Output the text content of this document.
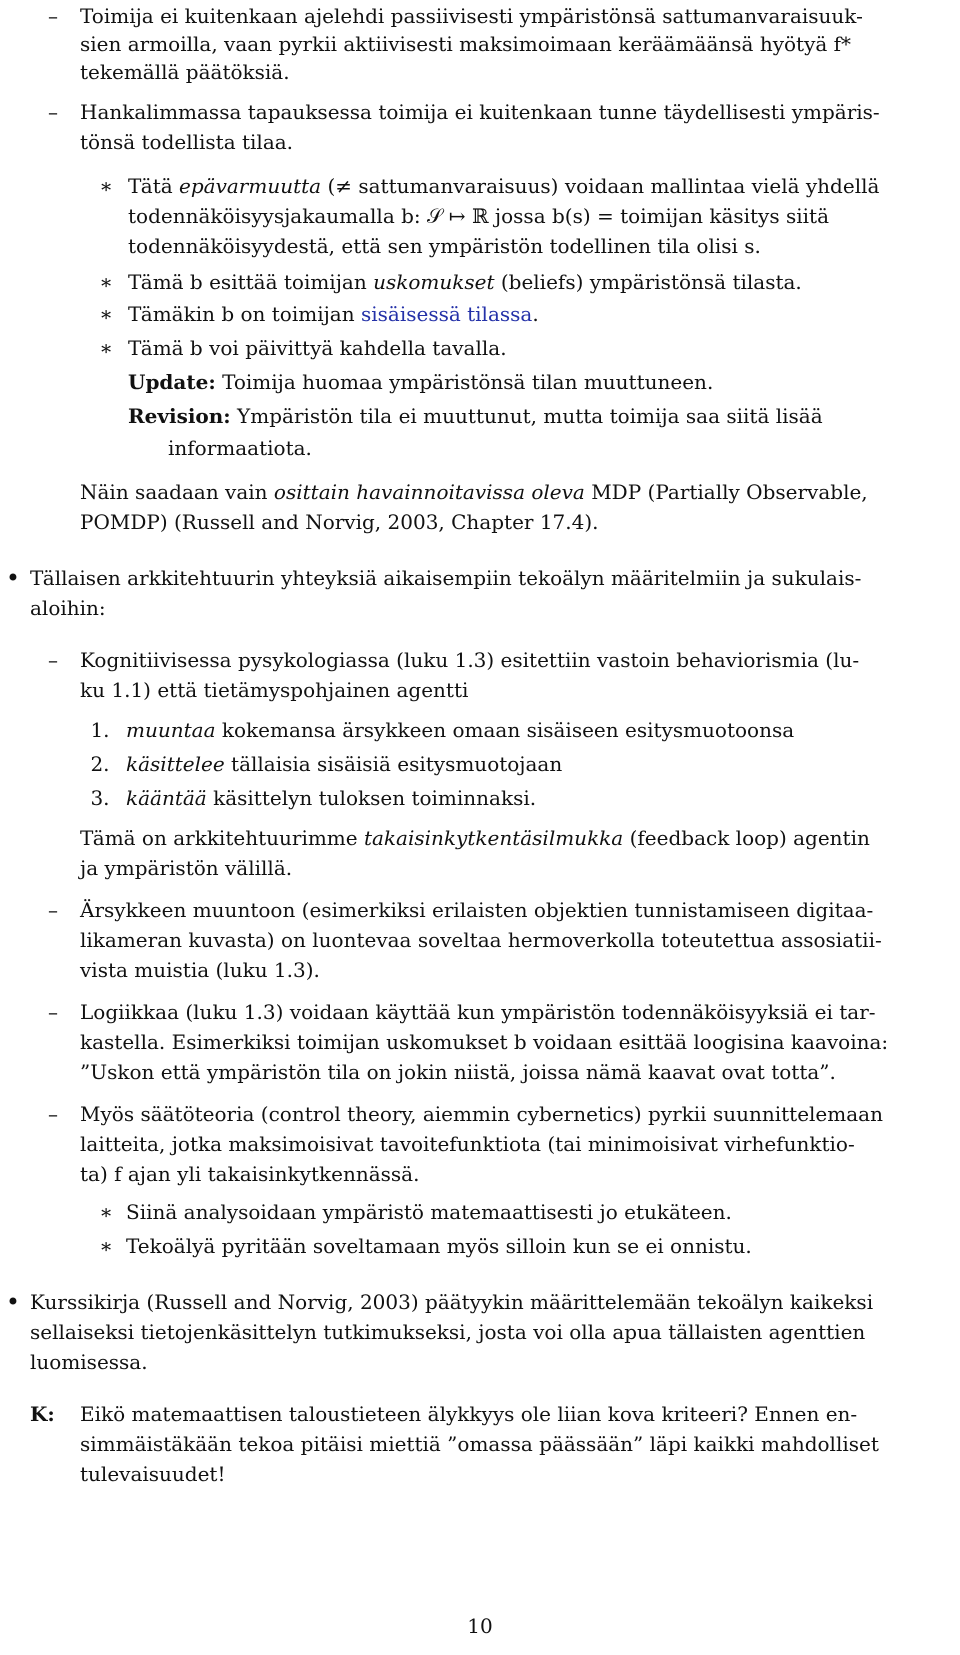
–	Toimija ei kuitenkaan ajelehdi passiivisesti ympäristönsä sattumanvaraisuuk-
sien armoilla, vaan pyrkii aktiivisesti maksimoimaan keräämäänsä hyötyä f*
tekemällä päätöksiä.
–	Hankalimmassa tapauksessa toimija ei kuitenkaan tunne täydellisesti ympäris-
tönsä todellista tilaa.
∗ Tätä epävarmuutta (≠ sattumanvaraisuus) voidaan mallintaa vielä yhdellä
todennäköisyysjakaumalla b: 𝒮 ↦ ℝ jossa b(s) = toimijan käsitys siitä
todennäköisyydestä, että sen ympäristön todellinen tila olisi s.
∗ Tämä b esittää toimijan uskomukset (beliefs) ympäristönsä tilasta.
∗ Tämäkin b on toimijan sisäisessä tilassa.
∗ Tämä b voi päivittyä kahdella tavalla.
Update: Toimija huomaa ympäristönsä tilan muuttuneen.
Revision: Ympäristön tila ei muuttunut, mutta toimija saa siitä lisää
informaatiota.
Näin saadaan vain osittain havainnoitavissa oleva MDP (Partially Observable,
POMDP) (Russell and Norvig, 2003, Chapter 17.4).
• Tällaisen arkkitehtuurin yhteyksiä aikaisempiin tekoälyn määritelmiin ja sukulais-
aloihin:
–	Kognitiivisessa pysykologiassa (luku 1.3) esitettiin vastoin behaviorismia (lu-
ku 1.1) että tietämyspohjainen agentti
1. muuntaa kokemansa ärsykkeen omaan sisäiseen esitysmuotoonsa
2. käsittelee tällaisia sisäisiä esitysmuotojaan
3. kääntää käsittelyn tuloksen toiminnaksi.
Tämä on arkkitehtuurimme takaisinkytkentäsilmukka (feedback loop) agentin
ja ympäristön välillä.
–	Ärsykkeen muuntoon (esimerkiksi erilaisten objektien tunnistamiseen digitaa-
likameran kuvasta) on luontevaa soveltaa hermoverkolla toteutettua assosiatii-
vista muistia (luku 1.3).
–	Logiikkaa (luku 1.3) voidaan käyttää kun ympäristön todennäköisyyksiä ei tar-
kastella. Esimerkiksi toimijan uskomukset b voidaan esittää loogisina kaavoina:
”Uskon että ympäristön tila on jokin niistä, joissa nämä kaavat ovat totta”.
–	Myös säätöteoria (control theory, aiemmin cybernetics) pyrkii suunnittelemaan
laitteita, jotka maksimoisivat tavoitefunktiota (tai minimoisivat virhefunktio-
ta) f ajan yli takaisinkytkennässä.
∗ Siinä analysoidaan ympäristö matemaattisesti jo etukäteen.
∗ Tekoälyä pyritään soveltamaan myös silloin kun se ei onnistu.
• Kurssikirja (Russell and Norvig, 2003) päätyykin määrittelemään tekoälyn kaikeksi
sellaiseksi tietojenkäsittelyn tutkimukseksi, josta voi olla apua tällaisten agenttien
luomisessa.
K: Eikö matemaattisen taloustieteen älykkyys ole liian kova kriteeri? Ennen en-
simmäistäkään tekoa pitäisi miettiä ”omassa päässään” läpi kaikki mahdolliset
tulevaisuudet!
10
